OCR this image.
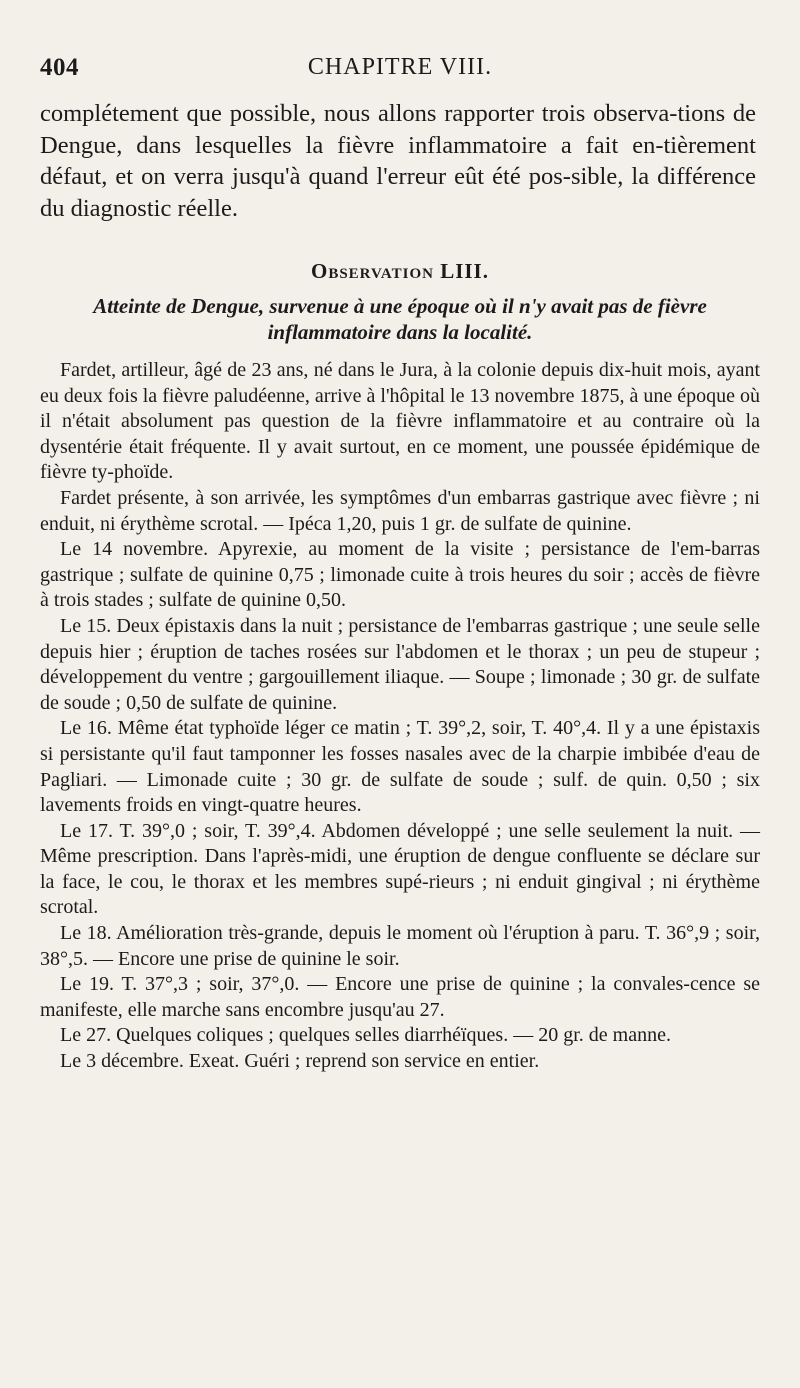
404	CHAPITRE VIII.

complétement que possible, nous allons rapporter trois observa-tions de Dengue, dans lesquelles la fièvre inflammatoire a fait en-tièrement défaut, et on verra jusqu'à quand l'erreur eût été pos-sible, la différence du diagnostic réelle.

Observation LIII.
Atteinte de Dengue, survenue à une époque où il n'y avait pas de fièvre inflammatoire dans la localité.

Fardet, artilleur, âgé de 23 ans, né dans le Jura, à la colonie depuis dix-huit mois, ayant eu deux fois la fièvre paludéenne, arrive à l'hôpital le 13 novembre 1875, à une époque où il n'était absolument pas question de la fièvre inflammatoire et au contraire où la dysentérie était fréquente. Il y avait surtout, en ce moment, une poussée épidémique de fièvre ty-phoïde.

Fardet présente, à son arrivée, les symptômes d'un embarras gastrique avec fièvre ; ni enduit, ni érythème scrotal. — Ipéca 1,20, puis 1 gr. de sulfate de quinine.

Le 14 novembre. Apyrexie, au moment de la visite ; persistance de l'em-barras gastrique ; sulfate de quinine 0,75 ; limonade cuite à trois heures du soir ; accès de fièvre à trois stades ; sulfate de quinine 0,50.

Le 15. Deux épistaxis dans la nuit ; persistance de l'embarras gastrique ; une seule selle depuis hier ; éruption de taches rosées sur l'abdomen et le thorax ; un peu de stupeur ; développement du ventre ; gargouillement iliaque. — Soupe ; limonade ; 30 gr. de sulfate de soude ; 0,50 de sulfate de quinine.

Le 16. Même état typhoïde léger ce matin ; T. 39°,2, soir, T. 40°,4. Il y a une épistaxis si persistante qu'il faut tamponner les fosses nasales avec de la charpie imbibée d'eau de Pagliari. — Limonade cuite ; 30 gr. de sulfate de soude ; sulf. de quin. 0,50 ; six lavements froids en vingt-quatre heures.

Le 17. T. 39°,0 ; soir, T. 39°,4. Abdomen développé ; une selle seulement la nuit. — Même prescription. Dans l'après-midi, une éruption de dengue confluente se déclare sur la face, le cou, le thorax et les membres supé-rieurs ; ni enduit gingival ; ni érythème scrotal.

Le 18. Amélioration très-grande, depuis le moment où l'éruption à paru. T. 36°,9 ; soir, 38°,5. — Encore une prise de quinine le soir.

Le 19. T. 37°,3 ; soir, 37°,0. — Encore une prise de quinine ; la convales-cence se manifeste, elle marche sans encombre jusqu'au 27.

Le 27. Quelques coliques ; quelques selles diarrhéïques. — 20 gr. de manne.

Le 3 décembre. Exeat. Guéri ; reprend son service en entier.
